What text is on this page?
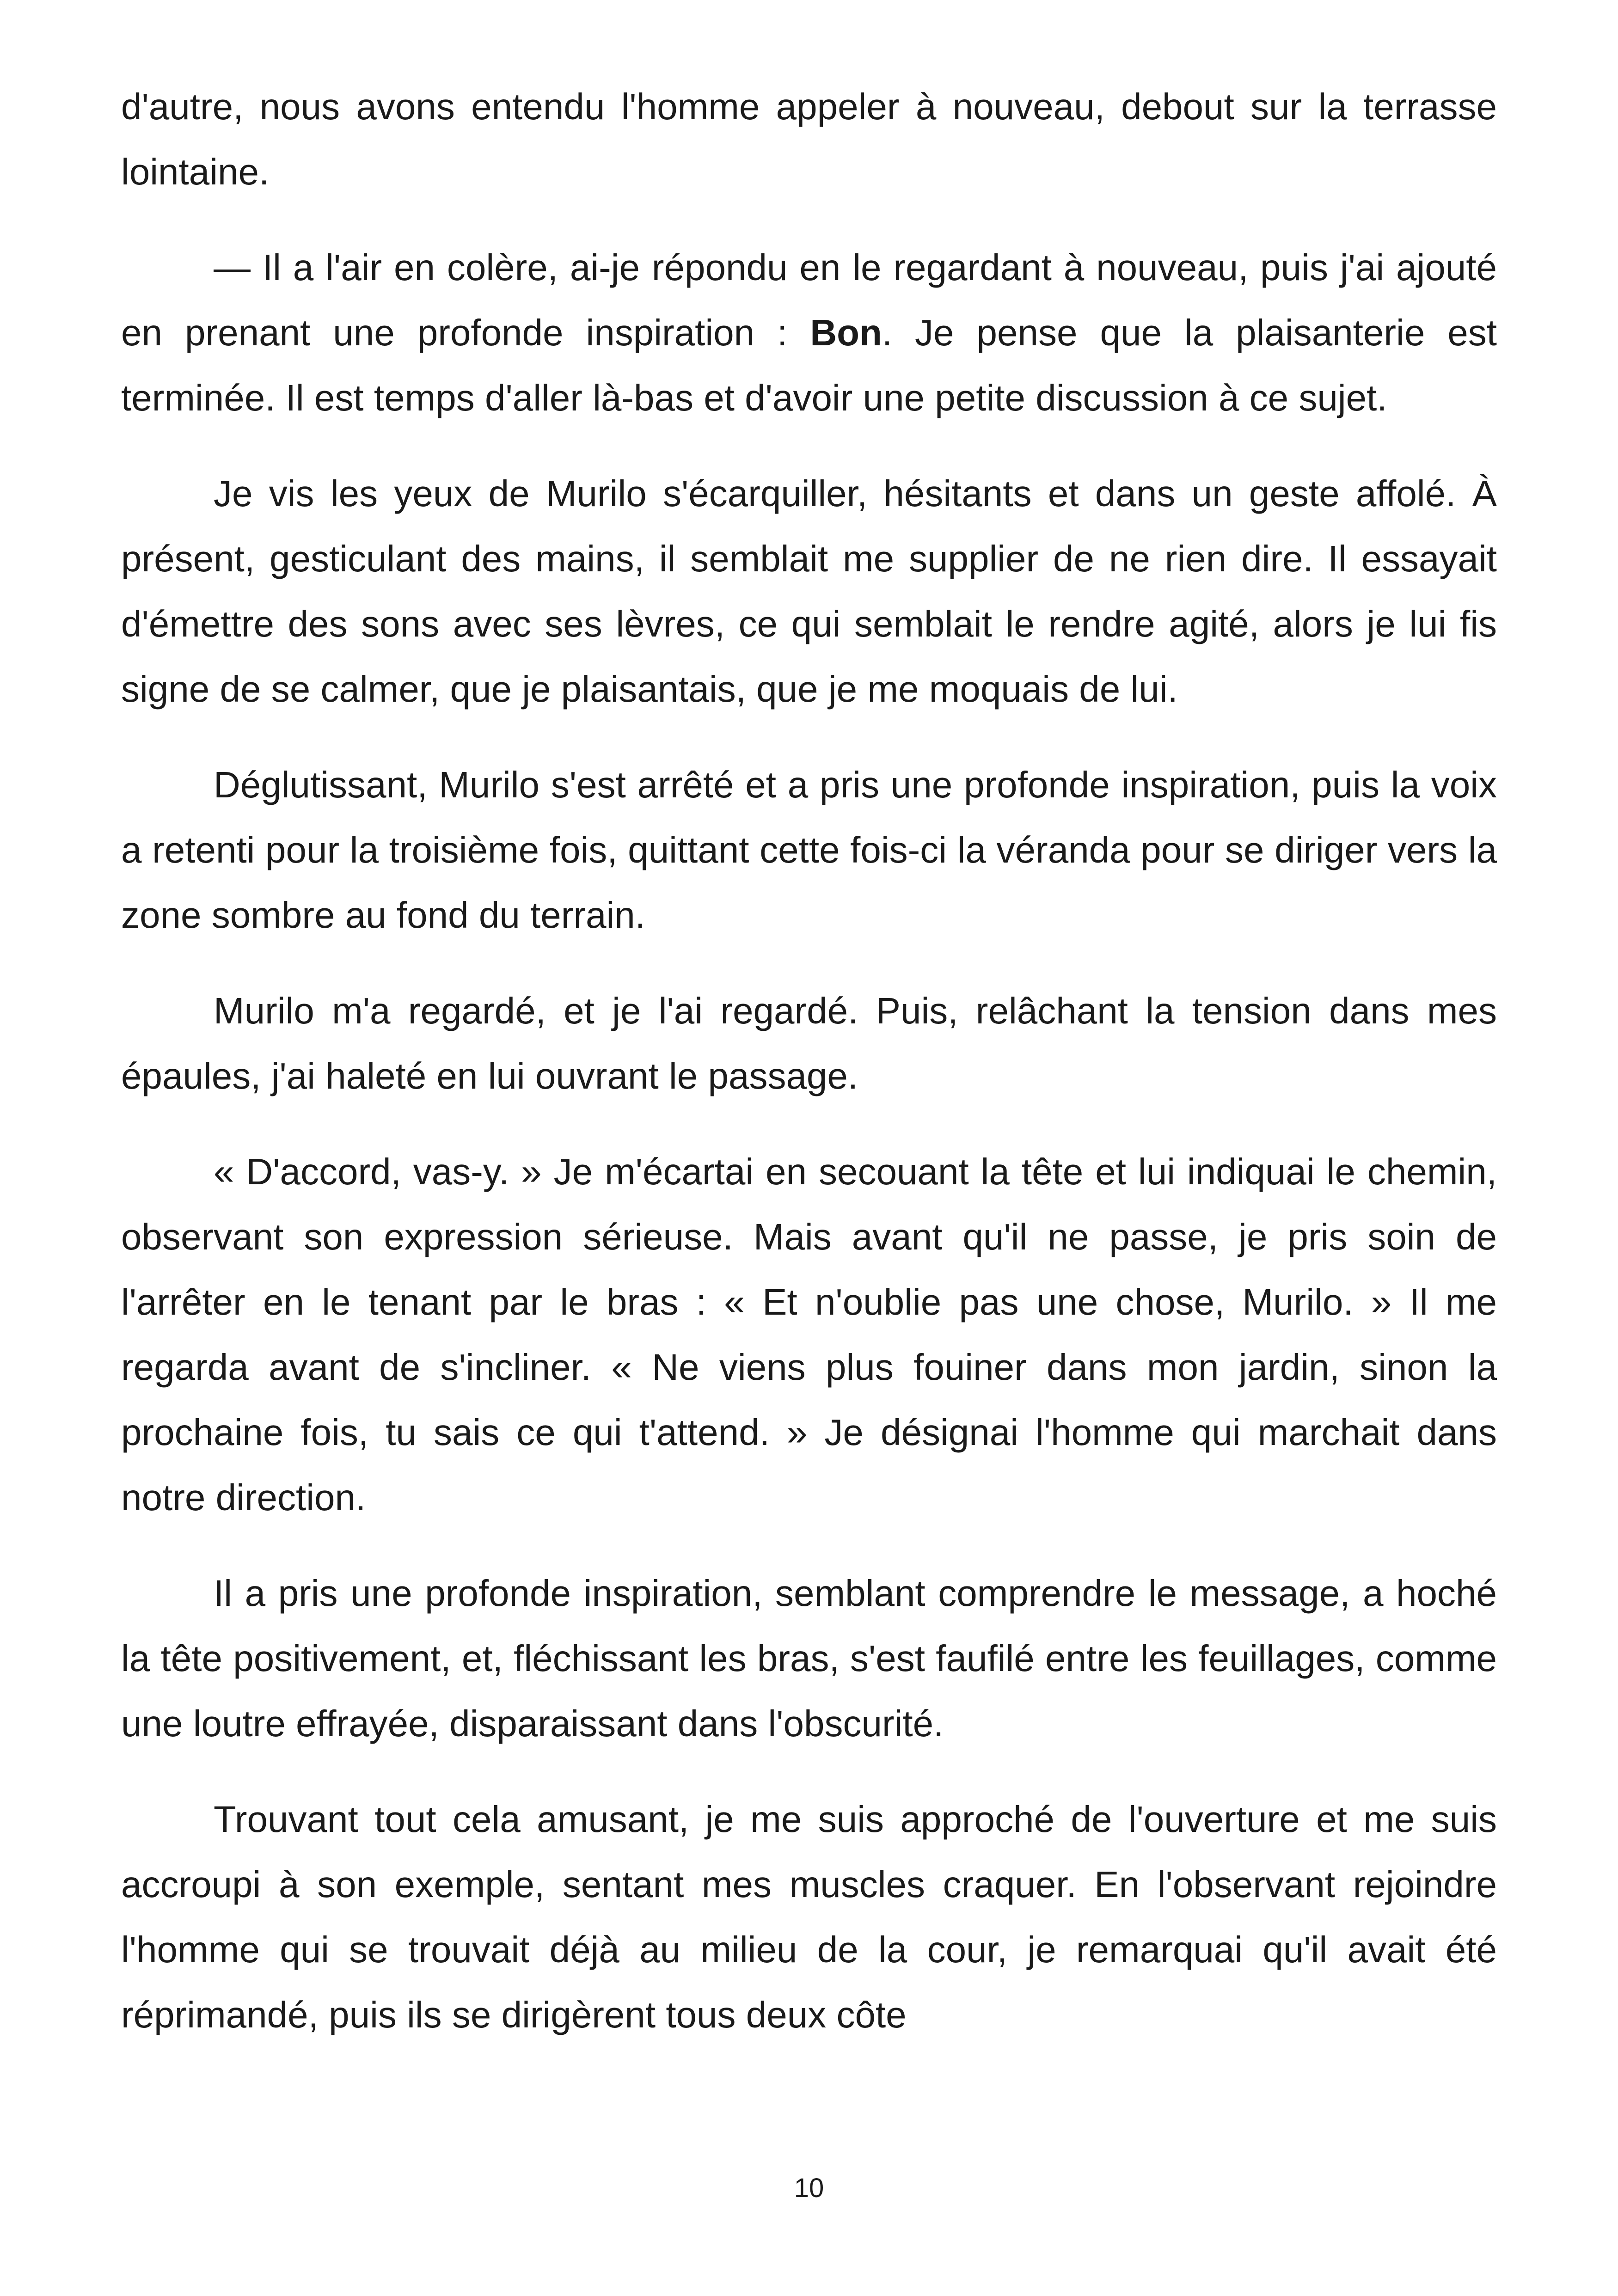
d'autre, nous avons entendu l'homme appeler à nouveau, debout sur la terrasse lointaine.

— Il a l'air en colère, ai-je répondu en le regardant à nouveau, puis j'ai ajouté en prenant une profonde inspiration : Bon. Je pense que la plaisanterie est terminée. Il est temps d'aller là-bas et d'avoir une petite discussion à ce sujet.

Je vis les yeux de Murilo s'écarquiller, hésitants et dans un geste affolé. À présent, gesticulant des mains, il semblait me supplier de ne rien dire. Il essayait d'émettre des sons avec ses lèvres, ce qui semblait le rendre agité, alors je lui fis signe de se calmer, que je plaisantais, que je me moquais de lui.

Déglutissant, Murilo s'est arrêté et a pris une profonde inspiration, puis la voix a retenti pour la troisième fois, quittant cette fois-ci la véranda pour se diriger vers la zone sombre au fond du terrain.

Murilo m'a regardé, et je l'ai regardé. Puis, relâchant la tension dans mes épaules, j'ai haleté en lui ouvrant le passage.

« D'accord, vas-y. » Je m'écartai en secouant la tête et lui indiquai le chemin, observant son expression sérieuse. Mais avant qu'il ne passe, je pris soin de l'arrêter en le tenant par le bras : « Et n'oublie pas une chose, Murilo. » Il me regarda avant de s'incliner. « Ne viens plus fouiner dans mon jardin, sinon la prochaine fois, tu sais ce qui t'attend. » Je désignai l'homme qui marchait dans notre direction.

Il a pris une profonde inspiration, semblant comprendre le message, a hoché la tête positivement, et, fléchissant les bras, s'est faufilé entre les feuillages, comme une loutre effrayée, disparaissant dans l'obscurité.

Trouvant tout cela amusant, je me suis approché de l'ouverture et me suis accroupi à son exemple, sentant mes muscles craquer. En l'observant rejoindre l'homme qui se trouvait déjà au milieu de la cour, je remarquai qu'il avait été réprimandé, puis ils se dirigèrent tous deux côte

10
